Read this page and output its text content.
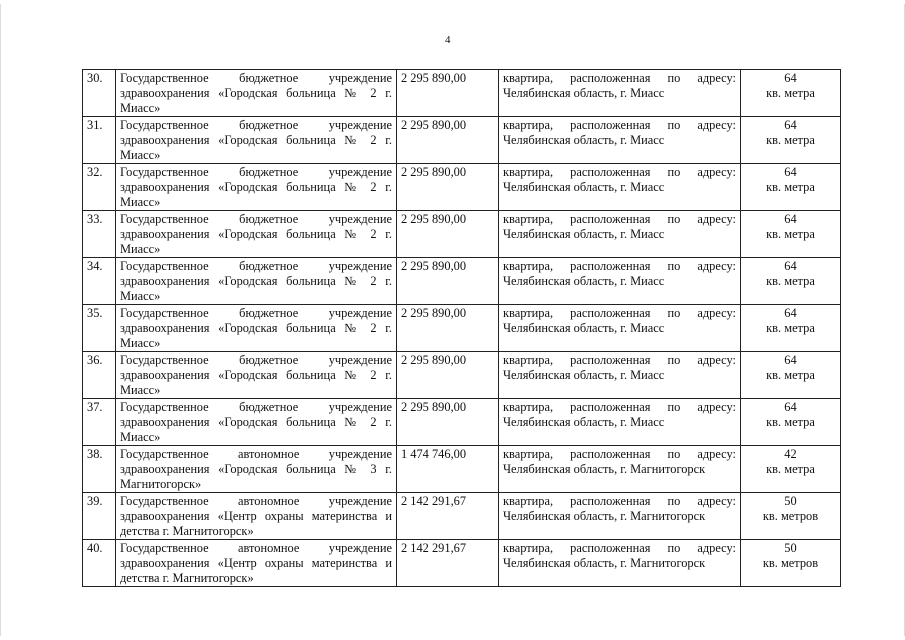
4
30.	Государственное бюджетное учреждение здравоохранения «Городская больница № 2 г. Миасс»	2 295 890,00	квартира, расположенная по адресу: Челябинская область, г. Миасс	64
кв. метра

31.	Государственное бюджетное учреждение здравоохранения «Городская больница № 2 г. Миасс»	2 295 890,00	квартира, расположенная по адресу: Челябинская область, г. Миасс	64
кв. метра

32.	Государственное бюджетное учреждение здравоохранения «Городская больница № 2 г. Миасс»	2 295 890,00	квартира, расположенная по адресу: Челябинская область, г. Миасс	64
кв. метра

33.	Государственное бюджетное учреждение здравоохранения «Городская больница № 2 г. Миасс»	2 295 890,00	квартира, расположенная по адресу: Челябинская область, г. Миасс	64
кв. метра

34.	Государственное бюджетное учреждение здравоохранения «Городская больница № 2 г. Миасс»	2 295 890,00	квартира, расположенная по адресу: Челябинская область, г. Миасс	64
кв. метра

35.	Государственное бюджетное учреждение здравоохранения «Городская больница № 2 г. Миасс»	2 295 890,00	квартира, расположенная по адресу: Челябинская область, г. Миасс	64
кв. метра

36.	Государственное бюджетное учреждение здравоохранения «Городская больница № 2 г. Миасс»	2 295 890,00	квартира, расположенная по адресу: Челябинская область, г. Миасс	64
кв. метра

37.	Государственное бюджетное учреждение здравоохранения «Городская больница № 2 г. Миасс»	2 295 890,00	квартира, расположенная по адресу: Челябинская область, г. Миасс	64
кв. метра

38.	Государственное автономное учреждение здравоохранения «Городская больница № 3 г. Магнитогорск»	1 474 746,00	квартира, расположенная по адресу: Челябинская область, г. Магнитогорск	42
кв. метра

39.	Государственное автономное учреждение здравоохранения «Центр охраны материнства и детства г. Магнитогорск»	2 142 291,67	квартира, расположенная по адресу: Челябинская область, г. Магнитогорск	50
кв. метров

40.	Государственное автономное учреждение здравоохранения «Центр охраны материнства и детства г. Магнитогорск»	2 142 291,67	квартира, расположенная по адресу: Челябинская область, г. Магнитогорск	50
кв. метров
